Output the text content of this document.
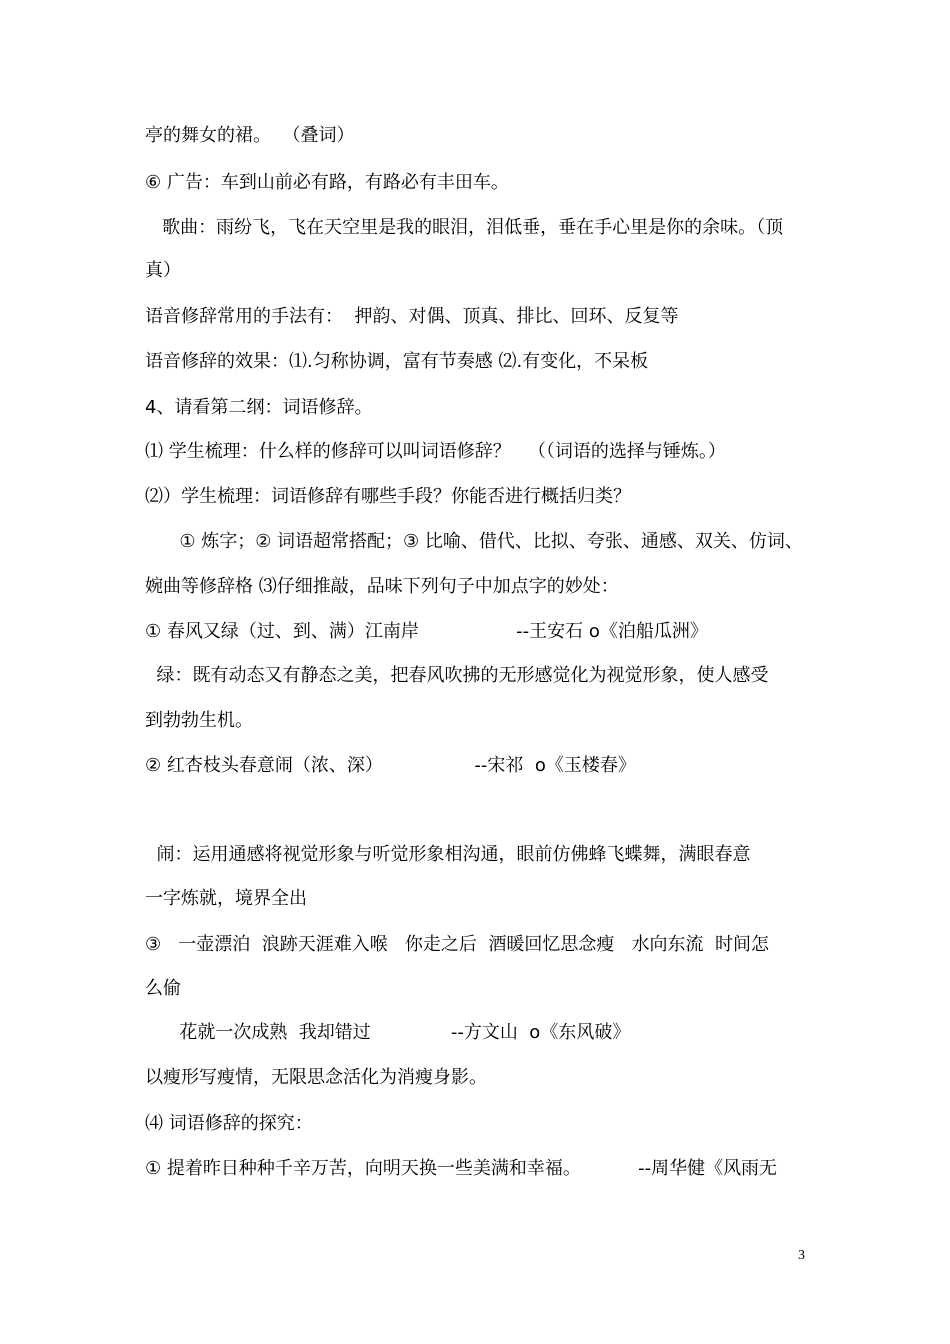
亭的舞女的裙。  （叠词）
⑥ 广告：车到山前必有路，有路必有丰田车。
歌曲：雨纷飞，飞在天空里是我的眼泪，泪低垂，垂在手心里是你的余味。（顶
真）
语音修辞常用的手法有：  押韵、对偶、顶真、排比、回环、反复等
语音修辞的效果：⑴.匀称协调，富有节奏感 ⑵.有变化，不呆板
4、请看第二纲：词语修辞。
⑴ 学生梳理：什么样的修辞可以叫词语修辞？   （（词语的选择与锤炼。）
⑵）学生梳理：词语修辞有哪些手段？你能否进行概括归类？
① 炼字；② 词语超常搭配；③ 比喻、借代、比拟、夸张、通感、双关、仿词、
婉曲等修辞格 ⑶仔细推敲，品味下列句子中加点字的妙处：
① 春风又绿（过、到、满）江南岸                 --王安石 o《泊船瓜洲》
绿：既有动态又有静态之美，把春风吹拂的无形感觉化为视觉形象，使人感受
到勃勃生机。
② 红杏枝头春意闹（浓、深）                --宋祁  o《玉楼春》
闹：运用通感将视觉形象与听觉形象相沟通，眼前仿佛蜂飞蝶舞，满眼春意
一字炼就，境界全出
③   一壶漂泊  浪跡天涯难入喉   你走之后  酒暖回忆思念瘦   水向东流  时间怎
么偷
花就一次成熟  我却错过              --方文山  o《东风破》
以瘦形写瘦情，无限思念活化为消瘦身影。
⑷ 词语修辞的探究：
① 提着昨日种种千辛万苦，向明天换一些美满和幸福。          --周华健《风雨无
3
